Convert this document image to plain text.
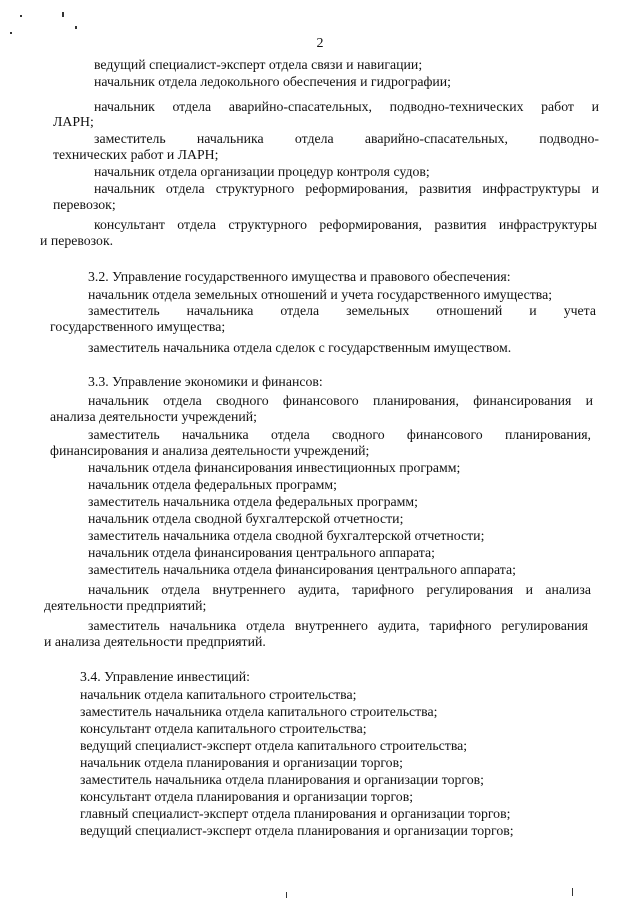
2
ведущий специалист-эксперт отдела связи и навигации;
начальник отдела ледокольного обеспечения и гидрографии;
начальник отдела аварийно-спасательных, подводно-технических работ и
ЛАРН;
заместитель начальника отдела аварийно-спасательных, подводно-
технических работ и ЛАРН;
начальник отдела организации процедур контроля судов;
начальник отдела структурного реформирования, развития инфраструктуры и
перевозок;
консультант отдела структурного реформирования, развития инфраструктуры
и перевозок.
3.2. Управление государственного имущества и правового обеспечения:
начальник отдела земельных отношений и учета государственного имущества;
заместитель начальника отдела земельных отношений и учета
государственного имущества;
заместитель начальника отдела сделок с государственным имуществом.
3.3. Управление экономики и финансов:
начальник отдела сводного финансового планирования, финансирования и
анализа деятельности учреждений;
заместитель начальника отдела сводного финансового планирования,
финансирования и анализа деятельности учреждений;
начальник отдела финансирования инвестиционных программ;
начальник отдела федеральных программ;
заместитель начальника отдела федеральных программ;
начальник отдела сводной бухгалтерской отчетности;
заместитель начальника отдела сводной бухгалтерской отчетности;
начальник отдела финансирования центрального аппарата;
заместитель начальника отдела финансирования центрального аппарата;
начальник отдела внутреннего аудита, тарифного регулирования и анализа
деятельности предприятий;
заместитель начальника отдела внутреннего аудита, тарифного регулирования
и анализа деятельности предприятий.
3.4. Управление инвестиций:
начальник отдела капитального строительства;
заместитель начальника отдела капитального строительства;
консультант отдела капитального строительства;
ведущий специалист-эксперт отдела капитального строительства;
начальник отдела планирования и организации торгов;
заместитель начальника отдела планирования и организации торгов;
консультант отдела планирования и организации торгов;
главный специалист-эксперт отдела планирования и организации торгов;
ведущий специалист-эксперт отдела планирования и организации торгов;
